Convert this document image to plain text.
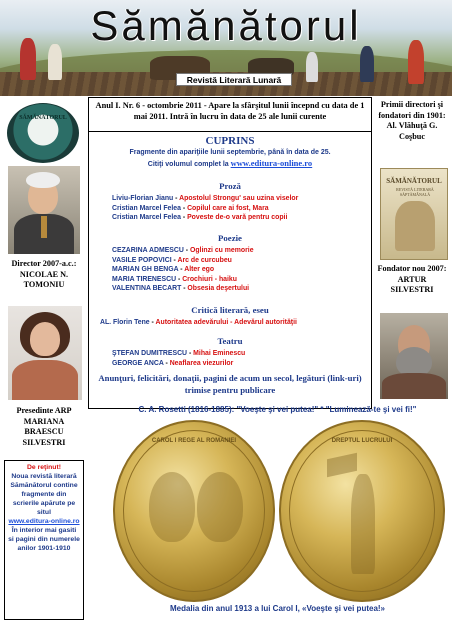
Sămănătorul
Revistă Literară Lunară
SĂMĂNĂTORUL
Director 2007-a.c.: NICOLAE N. TOMONIU
Presedinte ARP MARIANA BRAESCU SILVESTRI
De reţinut!
Noua revistă literară Sămănătorul contine fragmente din scrierile apărute pe situl
www.editura-online.ro
În interior mai gasiti si pagini din numerele anilor 1901-1910
Anul I. Nr. 6 - octombrie 2011 - Apare la sfârşitul lunii începnd cu data de 1 mai 2011. Intră în lucru în data de 25 ale lunii curente
CUPRINS
Fragmente din apariţiile lunii septembrie, până în data de 25.
Citiţi volumul complet la www.editura-online.ro
Proză
Liviu-Florian Jianu - Apostolul Strongu' sau uzina viselor
Cristian Marcel Felea - Copilul care ai fost, Mara
Cristian Marcel Felea - Poveste de-o vară pentru copii
Poezie
CEZARINA ADMESCU - Oglinzi cu memorie
VASILE POPOVICI - Arc de curcubeu
MARIAN GH BENGA - Alter ego
MARIA TIRENESCU - Crochiuri - haiku
VALENTINA BECART - Obsesia deşertului
Critică literară, eseu
AL. Florin Tene - Autoritatea adevărului - Adevărul autorităţii
Teatru
ŞTEFAN DUMITRESCU - Mihai Eminescu
GEORGE ANCA - Neaflarea viezurilor
Anunţuri, felicitări, donaţii, pagini de acum un secol, legături (link-uri) trimise pentru publicare
Primii directori şi fondatori din 1901: Al. Vlăhuţă G. Coşbuc
SĂMĂNĂTORUL
REVISTĂ LITERARĂ SĂPTĂMÂNALĂ
Fondator nou 2007: ARTUR SILVESTRI
C. A. Rosetti (1816-1885): "Voeşte şi vei putea!" * "Luminează-te şi vei fi!"
CAROL I REGE AL ROMANIEI	DREPTUL LUCRULUI
Medalia din anul 1913 a lui Carol I, «Voeşte şi vei putea!»
